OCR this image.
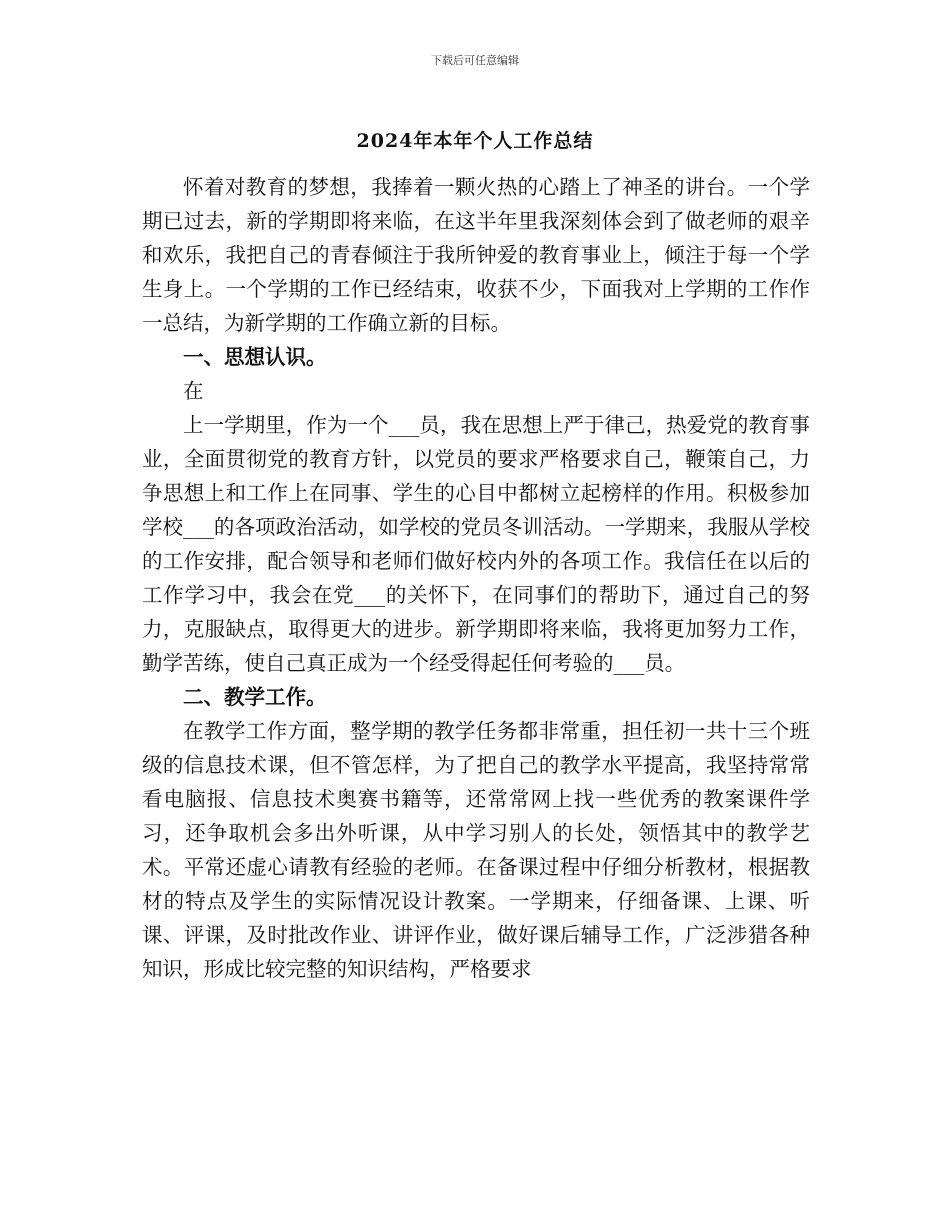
下载后可任意编辑
2024年本年个人工作总结

怀着对教育的梦想，我捧着一颗火热的心踏上了神圣的讲台。一个学期已过去，新的学期即将来临，在这半年里我深刻体会到了做老师的艰辛和欢乐，我把自己的青春倾注于我所钟爱的教育事业上，倾注于每一个学生身上。一个学期的工作已经结束，收获不少，下面我对上学期的工作作一总结，为新学期的工作确立新的目标。

一、思想认识。

在

上一学期里，作为一个___员，我在思想上严于律己，热爱党的教育事业，全面贯彻党的教育方针，以党员的要求严格要求自己，鞭策自己，力争思想上和工作上在同事、学生的心目中都树立起榜样的作用。积极参加学校___的各项政治活动，如学校的党员冬训活动。一学期来，我服从学校的工作安排，配合领导和老师们做好校内外的各项工作。我信任在以后的工作学习中，我会在党___的关怀下，在同事们的帮助下，通过自己的努力，克服缺点，取得更大的进步。新学期即将来临，我将更加努力工作，勤学苦练，使自己真正成为一个经受得起任何考验的___员。

二、教学工作。

在教学工作方面，整学期的教学任务都非常重，担任初一共十三个班级的信息技术课，但不管怎样，为了把自己的教学水平提高，我坚持常常看电脑报、信息技术奥赛书籍等，还常常网上找一些优秀的教案课件学习，还争取机会多出外听课，从中学习别人的长处，领悟其中的教学艺术。平常还虚心请教有经验的老师。在备课过程中仔细分析教材，根据教材的特点及学生的实际情况设计教案。一学期来，仔细备课、上课、听课、评课，及时批改作业、讲评作业，做好课后辅导工作，广泛涉猎各种知识，形成比较完整的知识结构，严格要求
